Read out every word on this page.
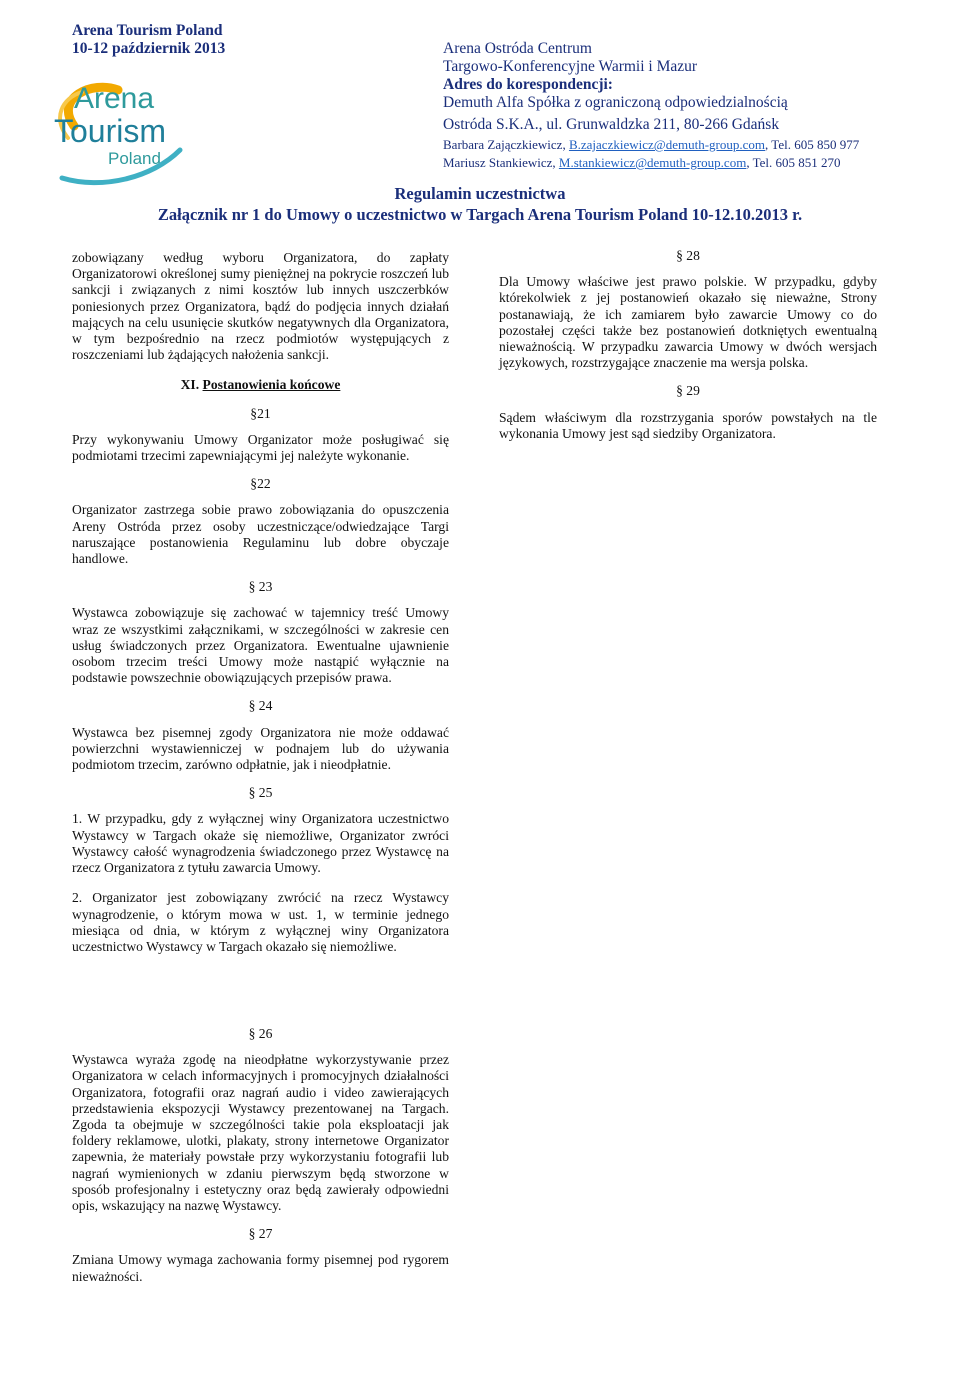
Arena Tourism Poland
10-12 październik 2013
Arena
Tourism
Poland
Arena Ostróda Centrum
Targowo-Konferencyjne Warmii i Mazur
Adres do korespondencji:
Demuth Alfa Spółka z ograniczoną odpowiedzialnością
Ostróda S.K.A., ul. Grunwaldzka 211, 80-266 Gdańsk
Barbara Zajączkiewicz, B.zajaczkiewicz@demuth-group.com, Tel. 605 850 977
Mariusz Stankiewicz, M.stankiewicz@demuth-group.com, Tel. 605 851 270
Regulamin uczestnictwa
Załącznik nr 1 do Umowy o uczestnictwo w Targach Arena Tourism Poland 10-12.10.2013 r.

zobowiązany według wyboru Organizatora, do zapłaty Organizatorowi określonej sumy pieniężnej na pokrycie roszczeń lub sankcji i związanych z nimi kosztów lub innych uszczerbków poniesionych przez Organizatora, bądź do podjęcia innych działań mających na celu usunięcie skutków negatywnych dla Organizatora, w tym bezpośrednio na rzecz podmiotów występujących z roszczeniami lub żądających nałożenia sankcji.

XI. Postanowienia końcowe
§21

Przy wykonywaniu Umowy Organizator może posługiwać się podmiotami trzecimi zapewniającymi jej należyte wykonanie.

§22

Organizator zastrzega sobie prawo zobowiązania do opuszczenia Areny Ostróda przez osoby uczestniczące/odwiedzające Targi naruszające postanowienia Regulaminu lub dobre obyczaje handlowe.

§ 23

Wystawca zobowiązuje się zachować w tajemnicy treść Umowy wraz ze wszystkimi załącznikami, w szczególności w zakresie cen usług świadczonych przez Organizatora. Ewentualne ujawnienie osobom trzecim treści Umowy może nastąpić wyłącznie na podstawie powszechnie obowiązujących przepisów prawa.

§ 24

Wystawca bez pisemnej zgody Organizatora nie może oddawać powierzchni wystawienniczej w podnajem lub do używania podmiotom trzecim, zarówno odpłatnie, jak i nieodpłatnie.

§ 25

1. W przypadku, gdy z wyłącznej winy Organizatora uczestnictwo Wystawcy w Targach okaże się niemożliwe, Organizator zwróci Wystawcy całość wynagrodzenia świadczonego przez Wystawcę na rzecz Organizatora z tytułu zawarcia Umowy.

2. Organizator jest zobowiązany zwrócić na rzecz Wystawcy wynagrodzenie, o którym mowa w ust. 1, w terminie jednego miesiąca od dnia, w którym z wyłącznej winy Organizatora uczestnictwo Wystawcy w Targach okazało się niemożliwe.

§ 26

Wystawca wyraża zgodę na nieodpłatne wykorzystywanie przez Organizatora w celach informacyjnych i promocyjnych działalności Organizatora, fotografii oraz nagrań audio i video zawierających przedstawienia ekspozycji Wystawcy prezentowanej na Targach. Zgoda ta obejmuje w szczególności takie pola eksploatacji jak foldery reklamowe, ulotki, plakaty, strony internetowe Organizator zapewnia, że materiały powstałe przy wykorzystaniu fotografii lub nagrań wymienionych w zdaniu pierwszym będą stworzone w sposób profesjonalny i estetyczny oraz będą zawierały odpowiedni opis, wskazujący na nazwę Wystawcy.

§ 27

Zmiana Umowy wymaga zachowania formy pisemnej pod rygorem nieważności.

§ 28

Dla Umowy właściwe jest prawo polskie. W przypadku, gdyby którekolwiek z jej postanowień okazało się nieważne, Strony postanawiają, że ich zamiarem było zawarcie Umowy co do pozostałej części także bez postanowień dotkniętych ewentualną nieważnością. W przypadku zawarcia Umowy w dwóch wersjach językowych, rozstrzygające znaczenie ma wersja polska.

§ 29

Sądem właściwym dla rozstrzygania sporów powstałych na tle wykonania Umowy jest sąd siedziby Organizatora.
